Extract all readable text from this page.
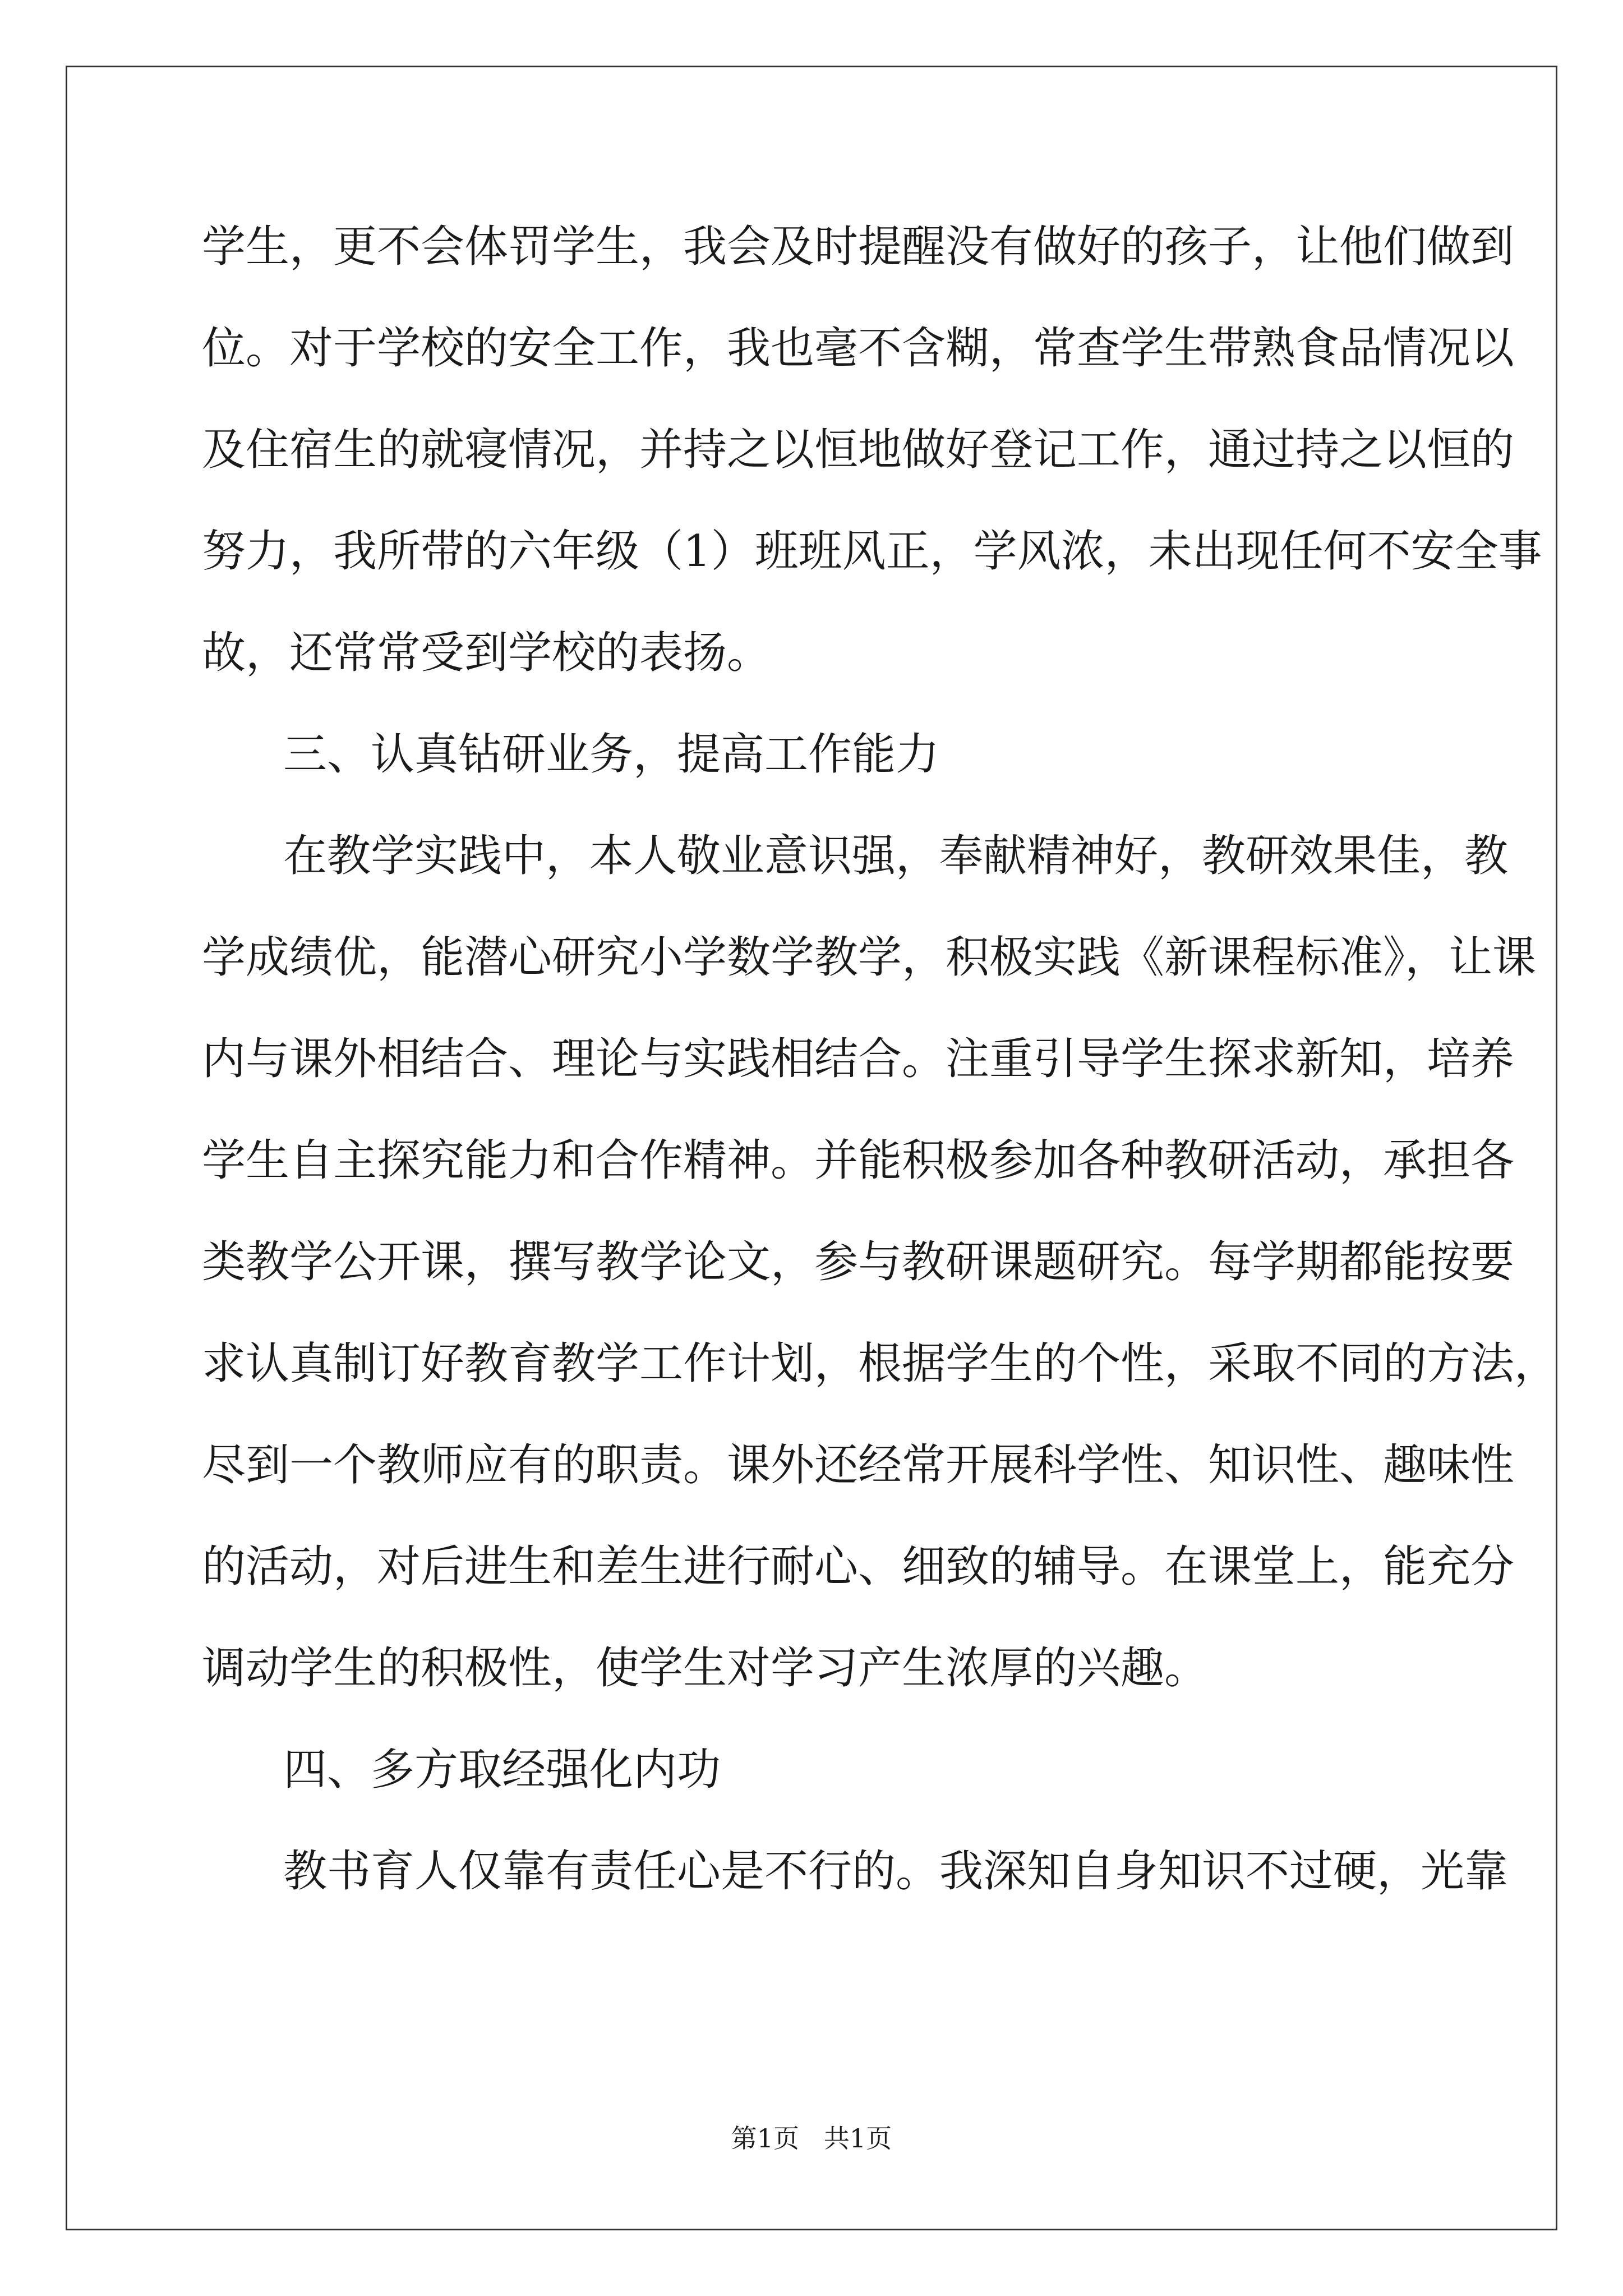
学生，更不会体罚学生，我会及时提醒没有做好的孩子，让他们做到

位。对于学校的安全工作，我也毫不含糊，常查学生带熟食品情况以

及住宿生的就寝情况，并持之以恒地做好登记工作，通过持之以恒的

努力，我所带的六年级（1）班班风正，学风浓，未出现任何不安全事

故，还常常受到学校的表扬。

三、认真钻研业务，提高工作能力

在教学实践中，本人敬业意识强，奉献精神好，教研效果佳，教

学成绩优，能潜心研究小学数学教学，积极实践《新课程标准》，让课

内与课外相结合、理论与实践相结合。注重引导学生探求新知，培养

学生自主探究能力和合作精神。并能积极参加各种教研活动，承担各

类教学公开课，撰写教学论文，参与教研课题研究。每学期都能按要

求认真制订好教育教学工作计划，根据学生的个性，采取不同的方法，

尽到一个教师应有的职责。课外还经常开展科学性、知识性、趣味性

的活动，对后进生和差生进行耐心、细致的辅导。在课堂上，能充分

调动学生的积极性，使学生对学习产生浓厚的兴趣。

四、多方取经强化内功

教书育人仅靠有责任心是不行的。我深知自身知识不过硬，光靠

第1页   共1页
